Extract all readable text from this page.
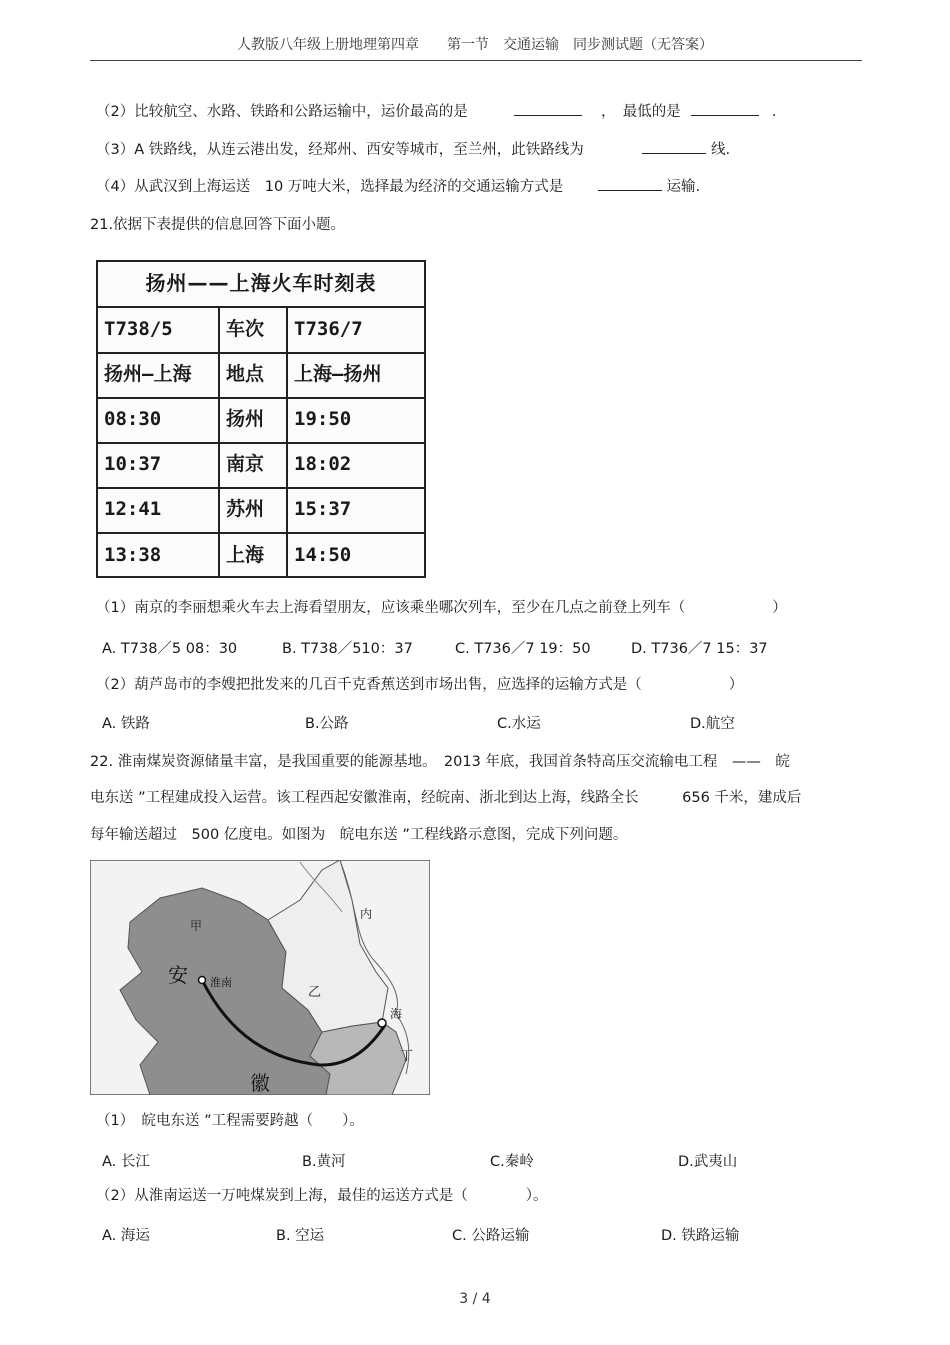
人教版八年级上册地理第四章　　第一节　交通运输　同步测试题（无答案）
（2）比较航空、水路、铁路和公路运输中，运价最高的是	，　最低的是	.
（3）A 铁路线，从连云港出发，经郑州、西安等城市，至兰州，此铁路线为	线.
（4）从武汉到上海运送　10 万吨大米，选择最为经济的交通运输方式是	运输.
21.依据下表提供的信息回答下面小题。
扬州——上海火车时刻表
T738/5	车次	T736/7
扬州—上海	地点	上海—扬州
08:30	扬州	19:50
10:37	南京	18:02
12:41	苏州	15:37
13:38	上海	14:50
（1）南京的李丽想乘火车去上海看望朋友，应该乘坐哪次列车，至少在几点之前登上列车（　　　　　　）
A. T738／5 08：30	B. T738／510：37	C. T736／7 19：50	D. T736／7 15：37
（2）葫芦岛市的李嫂把批发来的几百千克香蕉送到市场出售，应选择的运输方式是（　　　　　　）
A. 铁路	B.公路	C.水运	D.航空
22. 淮南煤炭资源储量丰富，是我国重要的能源基地。　2013 年底，我国首条特高压交流输电工程　——　皖
电东送 ”工程建成投入运营。该工程西起安徽淮南，经皖南、浙北到达上海，线路全长　　　656 千米，建成后
每年输送超过　500 亿度电。如图为　皖电东送 ”工程线路示意图，完成下列问题。
甲
安 淮南
乙
海
丁
徽
内
（1）　皖电东送 ”工程需要跨越（　　）。
A. 长江	B.黄河	C.秦岭	D.武夷山
（2）从淮南运送一万吨煤炭到上海，最佳的运送方式是（　　　　）。
A. 海运	B. 空运	C. 公路运输	D. 铁路运输
3 / 4
